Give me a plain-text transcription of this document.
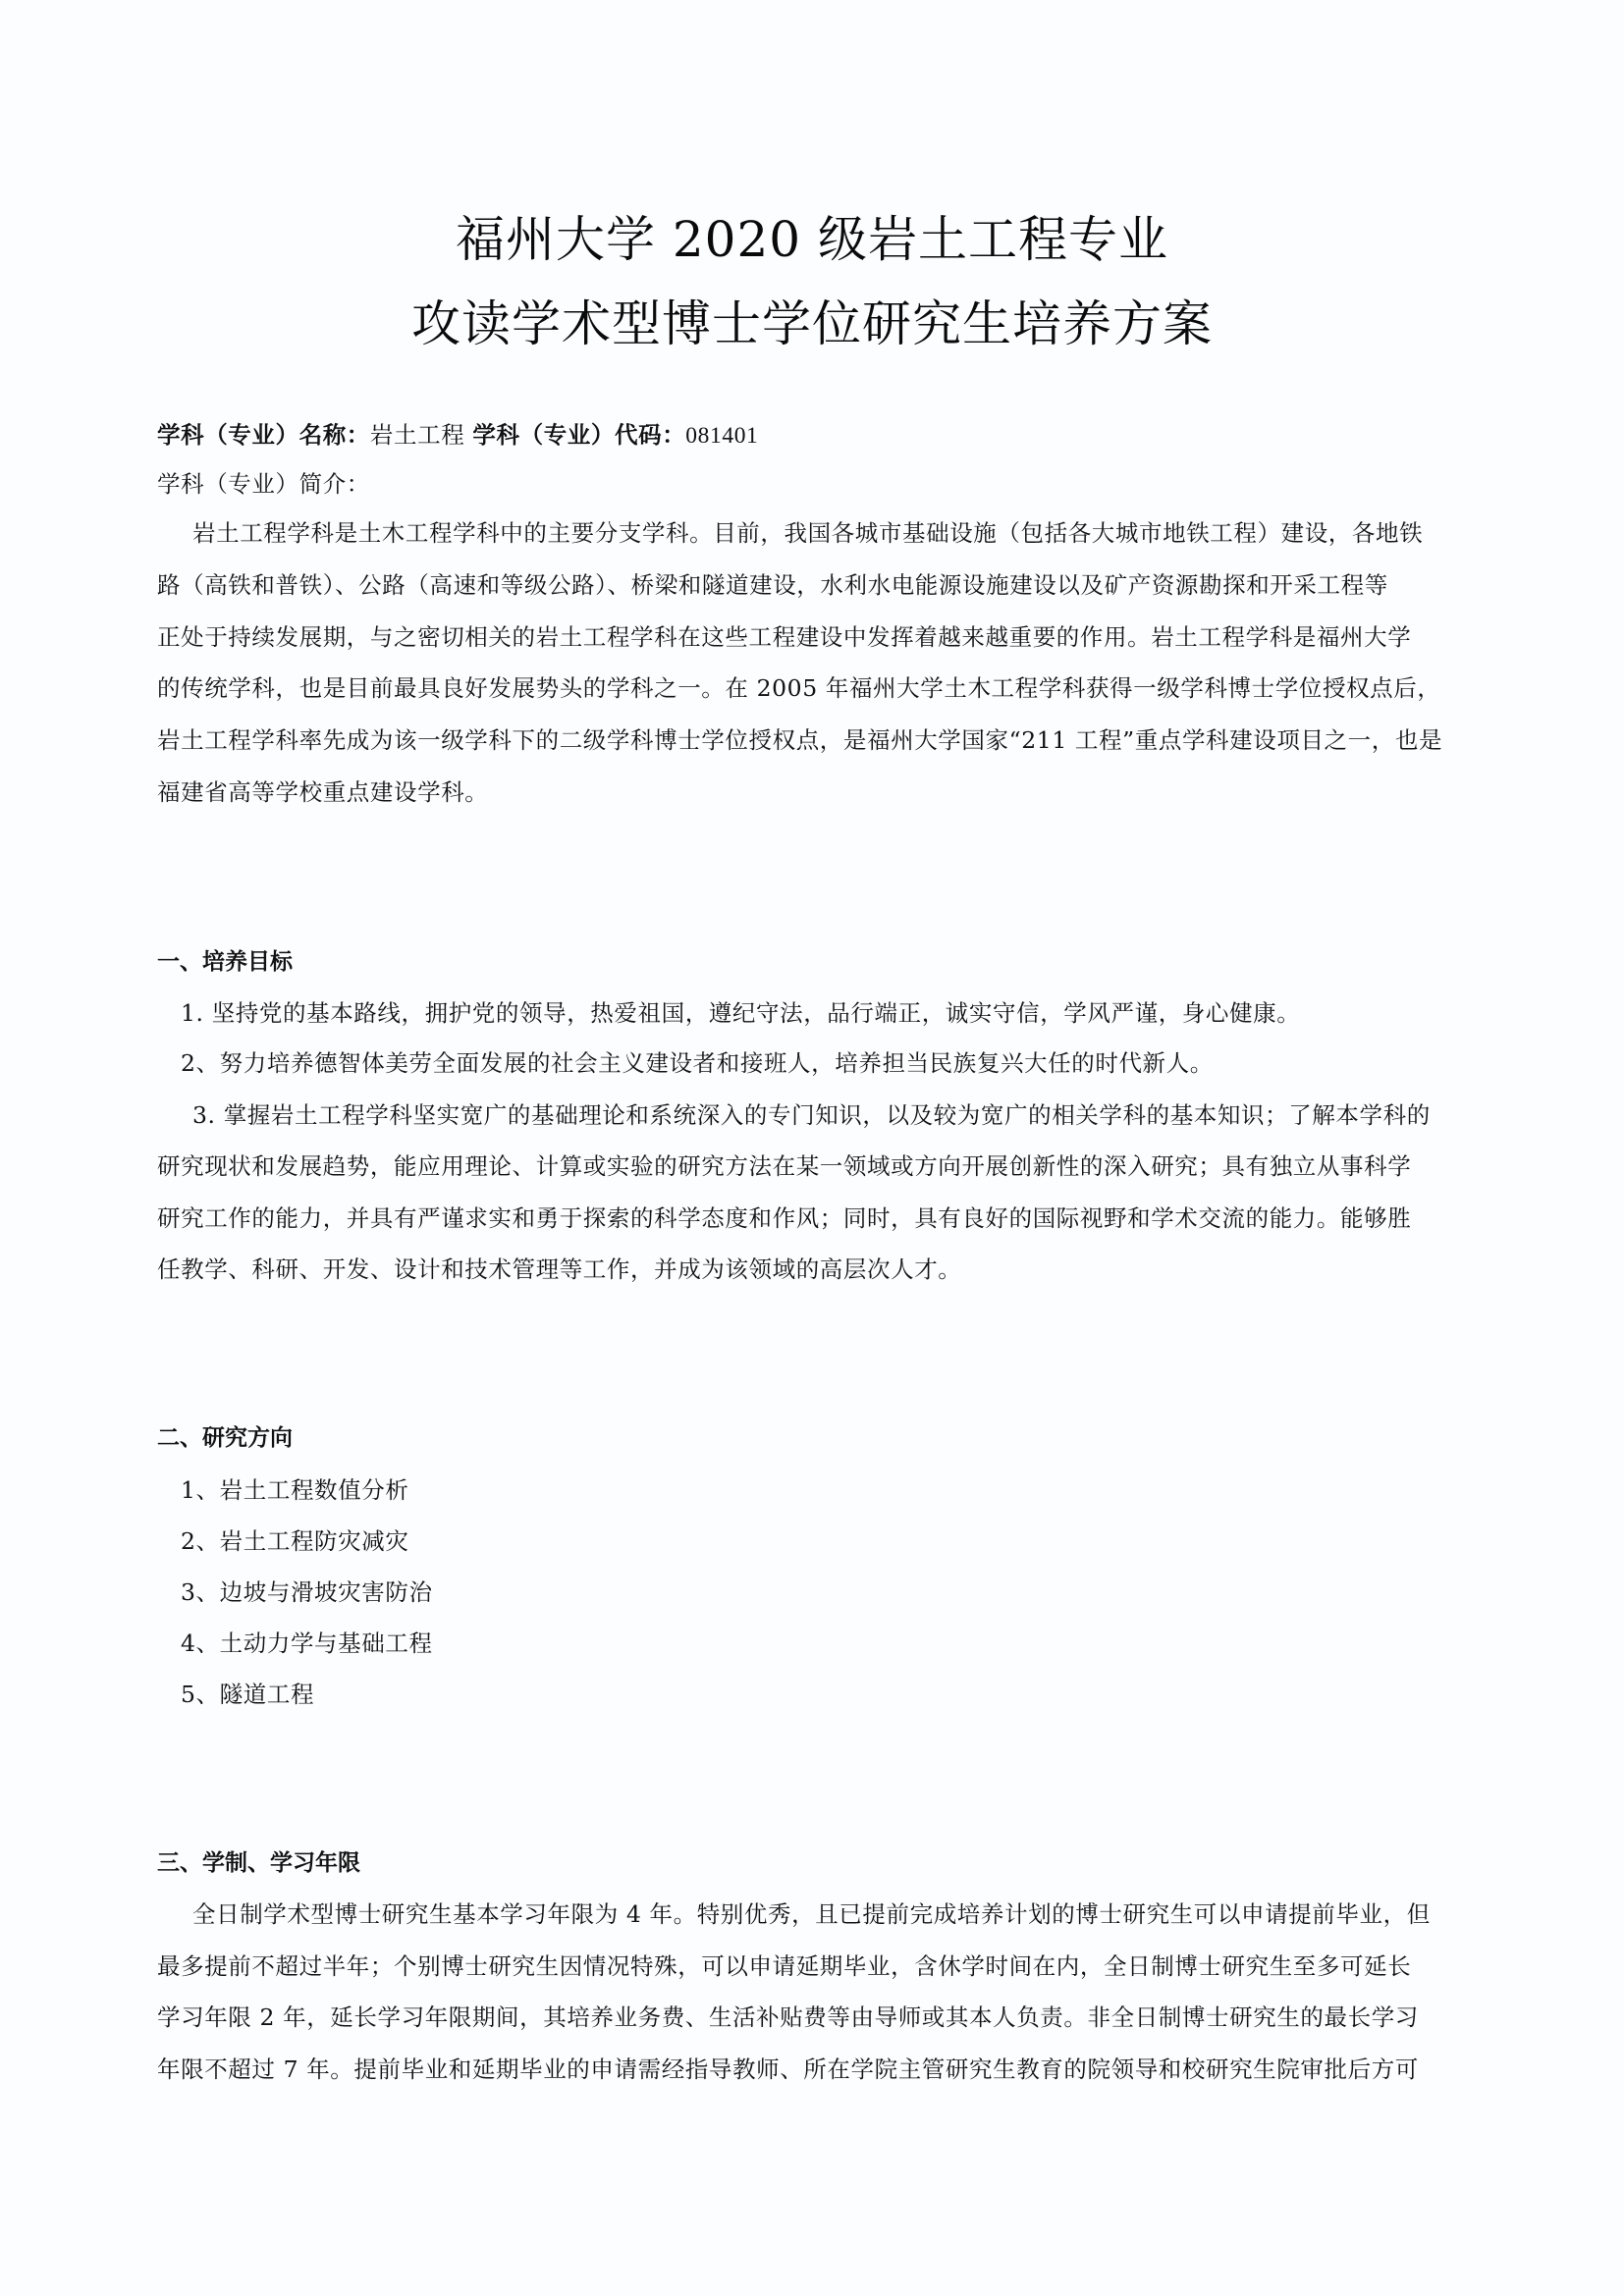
福州大学 2020 级岩土工程专业
攻读学术型博士学位研究生培养方案
学科（专业）名称：岩土工程 学科（专业）代码：081401
学科（专业）简介：
岩土工程学科是土木工程学科中的主要分支学科。目前，我国各城市基础设施（包括各大城市地铁工程）建设，各地铁
路（高铁和普铁）、公路（高速和等级公路）、桥梁和隧道建设，水利水电能源设施建设以及矿产资源勘探和开采工程等
正处于持续发展期，与之密切相关的岩土工程学科在这些工程建设中发挥着越来越重要的作用。岩土工程学科是福州大学
的传统学科，也是目前最具良好发展势头的学科之一。在 2005 年福州大学土木工程学科获得一级学科博士学位授权点后，
岩土工程学科率先成为该一级学科下的二级学科博士学位授权点，是福州大学国家“211 工程”重点学科建设项目之一，也是
福建省高等学校重点建设学科。
一、培养目标
1. 坚持党的基本路线，拥护党的领导，热爱祖国，遵纪守法，品行端正，诚实守信，学风严谨，身心健康。
2、努力培养德智体美劳全面发展的社会主义建设者和接班人，培养担当民族复兴大任的时代新人。
3. 掌握岩土工程学科坚实宽广的基础理论和系统深入的专门知识，以及较为宽广的相关学科的基本知识；了解本学科的
研究现状和发展趋势，能应用理论、计算或实验的研究方法在某一领域或方向开展创新性的深入研究；具有独立从事科学
研究工作的能力，并具有严谨求实和勇于探索的科学态度和作风；同时，具有良好的国际视野和学术交流的能力。能够胜
任教学、科研、开发、设计和技术管理等工作，并成为该领域的高层次人才。
二、研究方向
1、岩土工程数值分析
2、岩土工程防灾减灾
3、边坡与滑坡灾害防治
4、土动力学与基础工程
5、隧道工程
三、学制、学习年限
全日制学术型博士研究生基本学习年限为 4 年。特别优秀，且已提前完成培养计划的博士研究生可以申请提前毕业，但
最多提前不超过半年；个别博士研究生因情况特殊，可以申请延期毕业，含休学时间在内，全日制博士研究生至多可延长
学习年限 2 年，延长学习年限期间，其培养业务费、生活补贴费等由导师或其本人负责。非全日制博士研究生的最长学习
年限不超过 7 年。提前毕业和延期毕业的申请需经指导教师、所在学院主管研究生教育的院领导和校研究生院审批后方可
